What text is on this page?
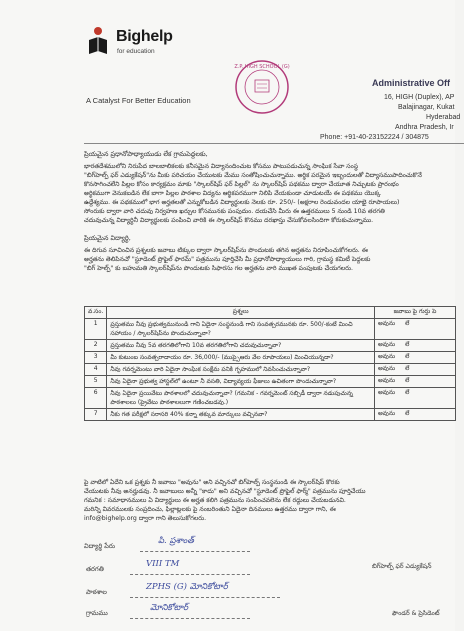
Bighelp
for education
A Catalyst For Better Education
Z.P. HIGH SCHOOL (G)
Administrative Off
16, HIGH (Duplex), AP
Balajinagar, Kukat
Hyderabad
Andhra Pradesh, Ir
Phone: +91-40-23152224 / 304875
ప్రియమైన ప్రధానోపాధ్యాయుడు లేక గ్రామపెద్దలకు,
భారతదేశములోని నిరుపేద బాలబాలికలకు కనీసమైన విద్యానందించుట కోసము పాటుపడుచున్న సాంఘిక సేవా సంస్థ
"బిగ్‌హెల్ప్ ఫర్ ఎడ్యుకేషన్"ను మీకు పరిచయం చేయుటకు మేము సంతోషించుచున్నాము. అర్థిక పరమైన ఇబ్బందులతో విద్యాసముపాదించుకొనే
కొనసాగించలేని పిల్లల కోసం కార్యక్రమం మాకు "స్కాలర్‌షిప్ ఫర్ పిల్లల్" ను స్కాలర్‌షిప్ పథకము ద్వారా చేయూత నిచ్చుటకు ప్రారంభం
అర్థికముగా వెనుకబడిన లేక బాగా పిల్లల పాఠశాల విద్యను ఆర్థికపరముగా నిలిపి వేయకుండా చూడుటయే ఈ పథకము యొక్క
ఉద్దేశ్యము. ఈ పథకములో భాగ అర్హతలతో ఎన్నుకోబడిన విద్యార్థులకు నెలకు రూ. 250/- (అక్షరాల రెండువందల యాభై రూపాయలు)
సోంరుకు ద్వారా వారి చదువు నిర్వహణ ఖర్చుల కోసమునకు పంపుదుం. దయచేసి మీరు ఈ ఉత్తరములు 5 నుండి 10వ తరగతి
చదువుచున్న విద్యార్థినీ విద్యార్థులకు పంపించి వారికి ఈ స్కాలర్‌షిప్ కొనము దరఖాస్తు చేసుకోవలసిందిగా కోరుకుచున్నాము.
ప్రియమైన విద్యార్థి,
ఈ దిగువ సూచించిన ప్రశ్నలకు జవాబు టిక్కుల ద్వారా స్కాలర్‌షిప్‌ను పొందుటకు తగిన అర్హతను నిరూపించుకోగలరు. ఈ
అర్హతను తెలిపినచో "స్టూడెంట్ ప్రొఫైల్ ఫారమ్" పత్రమును పూర్తిచేసి మీ ప్రధానోపాధ్యాయులు గారి, గ్రామస్థ కమిటీ పెద్దలకు
"బిగ్ హెల్ప్" కు బహుమతి స్కాలర్‌షిప్‌ను పొందుటకు సిఫారసు గల అర్హతను వారి ముఖత పంపుటకు చేయగలరు.
వ.సం.	ప్రశ్నలు	జవాబు పై గుర్తు పె
1	ప్రస్తుతము నీవు ప్రభుత్వమునుండి గాని ఏదైనా సంస్థనుండి గాని సంవత్సరమునకు రూ. 500/-కంటే మించి సహాయం / స్కాలర్‌షిప్‌ను పొందుచున్నావా?	అవును లే
2	ప్రస్తుతము నీవు 5వ తరగతిలోగాని 10వ తరగతిలోగాని చదువుచున్నావా?	అవును లే
3	మీ కుటుంబ సంవత్సరాదాయం రూ. 36,000/- (ముప్పైఆరు వేల రూపాయలు) మించియున్నదా?	అవును లే
4	నీవు గవర్నమెంటు వారి ఏదైనా సాంఘిక సంక్షేమ పనికి గృహములో నివసించుచున్నావా?	అవును లే
5	నీవు ఏదైనా ప్రభుత్వ హాస్టల్‌లో ఉంటూ నీ వసతి, విద్యావ్యయ ఫీజులు ఉచితంగా పొందుచున్నావా?	అవును లే
6	నీవు ఏదైనా ప్రయివేటు పాఠశాలలో చదువుచున్నావా? (గమనిక - గవర్నమెంట్ సబ్సిడీ ద్వారా నడుపుచున్న పాఠశాలలు (ప్రైవేటు పాఠశాలలుగా గణించబడవు.)	అవును లే
7	నీకు గత పరీక్షలో సరాసరి 40% కన్నా తక్కువ మార్కులు వచ్చినవా?	అవును లే
పై వాటిలో ఏదేని ఒక ప్రశ్నకు నీ జవాబు "అవును" అని వచ్చినచో బిగ్‌హెల్ప్ సంస్థనుండి ఈ స్కాలర్‌షిప్ కొరకు
చేయుటకు నీవు అనర్హుడవు. నీ జవాబులు అన్నీ "కాదు" అని వచ్చినచో "స్టూడెంట్ ప్రొఫైల్ ఫార్మ్" పత్రమును పూర్తిచేయు
గమనిక : సమాధానములు ఏ విద్యార్థులు ఈ అర్హత కలిగి పత్రమును సంపించవలెను లేక రద్దులు చేయబడునవి.
మరిన్ని వివరములకు సంప్రదించు, ఫిల్లాట్లలకు పై నంబరింతుని ఏదైనా దినములు ఉత్తరము ద్వారా గాని, ఈ
info@bighelp.org ద్వారా గాని తెలుసుకోగలరు.
విద్యార్థి పేరు	పి. ప్రశాంత్
తరగతి	VIII TM
పాఠశాల	ZPHS (G) మోనికోటార్
గ్రామము	మోనికోటార్
బిగ్‌హెల్ప్ ఫర్ ఎడ్యుకేషన్
ఫౌండర్ & ప్రెసిడెంట్
